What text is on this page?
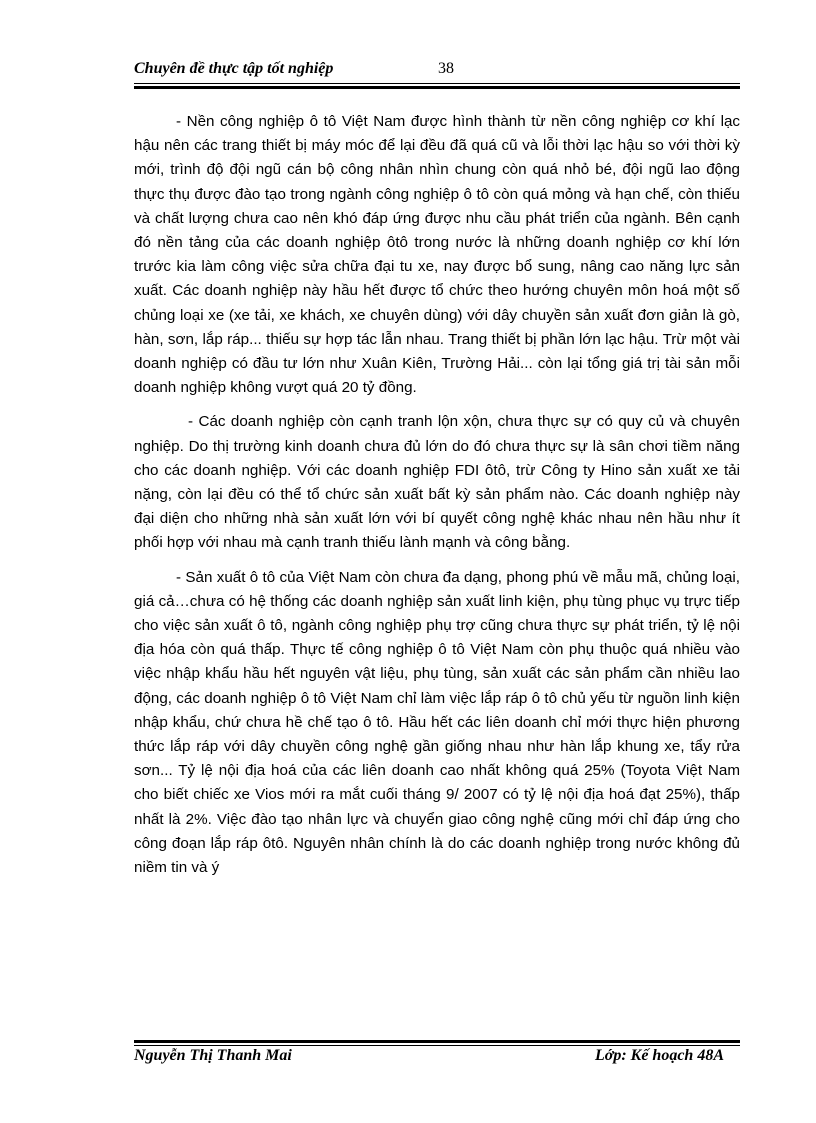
Chuyên đề thực tập tốt nghiệp	38

- Nền công nghiệp ô tô Việt Nam được hình thành từ nền công nghiệp cơ khí lạc hậu nên các trang thiết bị máy móc để lại đều đã quá cũ và lỗi thời lạc hậu so với thời kỳ mới, trình độ đội ngũ cán bộ công nhân nhìn chung còn quá nhỏ bé, đội ngũ lao động thực thụ được đào tạo trong ngành công nghiệp ô tô còn quá mỏng và hạn chế, còn thiếu và chất lượng chưa cao nên khó đáp ứng được nhu cầu phát triển của ngành. Bên cạnh đó nền tảng của các doanh nghiệp ôtô trong nước là những doanh nghiệp cơ khí lớn trước kia làm công việc sửa chữa đại tu xe, nay được bổ sung, nâng cao năng lực sản xuất. Các doanh nghiệp này hầu hết được tổ chức theo hướng chuyên môn hoá một số chủng loại xe (xe tải, xe khách, xe chuyên dùng) với dây chuyền sản xuất đơn giản là gò, hàn, sơn, lắp ráp... thiếu sự hợp tác lẫn nhau. Trang thiết bị phần lớn lạc hậu. Trừ một vài doanh nghiệp có đầu tư lớn như Xuân Kiên, Trường Hải... còn lại tổng giá trị tài sản mỗi doanh nghiệp không vượt quá 20 tỷ đồng.

- Các doanh nghiệp còn cạnh tranh lộn xộn, chưa thực sự có quy củ và chuyên nghiệp. Do thị trường kinh doanh chưa đủ lớn do đó chưa thực sự là sân chơi tiềm năng cho các doanh nghiệp. Với các doanh nghiệp FDI ôtô, trừ Công ty Hino sản xuất xe tải nặng, còn lại đều có thể tổ chức sản xuất bất kỳ sản phẩm nào. Các doanh nghiệp này đại diện cho những nhà sản xuất lớn với bí quyết công nghệ khác nhau nên hầu như ít phối hợp với nhau mà cạnh tranh thiếu lành mạnh và công bằng.

- Sản xuất ô tô của Việt Nam còn chưa đa dạng, phong phú về mẫu mã, chủng loại, giá cả…chưa có hệ thống các doanh nghiệp sản xuất linh kiện, phụ tùng phục vụ trực tiếp cho việc sản xuất ô tô, ngành công nghiệp phụ trợ cũng chưa thực sự phát triển, tỷ lệ nội địa hóa còn quá thấp. Thực tế công nghiệp ô tô Việt Nam còn phụ thuộc quá nhiều vào việc nhập khẩu hầu hết nguyên vật liệu, phụ tùng, sản xuất các sản phẩm cần nhiều lao động, các doanh nghiệp ô tô Việt Nam chỉ làm việc lắp ráp ô tô chủ yếu từ nguồn linh kiện nhập khẩu, chứ chưa hề chế tạo ô tô. Hầu hết các liên doanh chỉ mới thực hiện phương thức lắp ráp với dây chuyền công nghệ gần giống nhau như hàn lắp khung xe, tẩy rửa sơn... Tỷ lệ nội địa hoá của các liên doanh cao nhất không quá 25% (Toyota Việt Nam cho biết chiếc xe Vios mới ra mắt cuối tháng 9/ 2007 có tỷ lệ nội địa hoá đạt 25%), thấp nhất là 2%. Việc đào tạo nhân lực và chuyển giao công nghệ cũng mới chỉ đáp ứng cho công đoạn lắp ráp ôtô. Nguyên nhân chính là do các doanh nghiệp trong nước không đủ niềm tin và ý

Nguyễn Thị Thanh Mai	Lớp: Kế hoạch 48A
